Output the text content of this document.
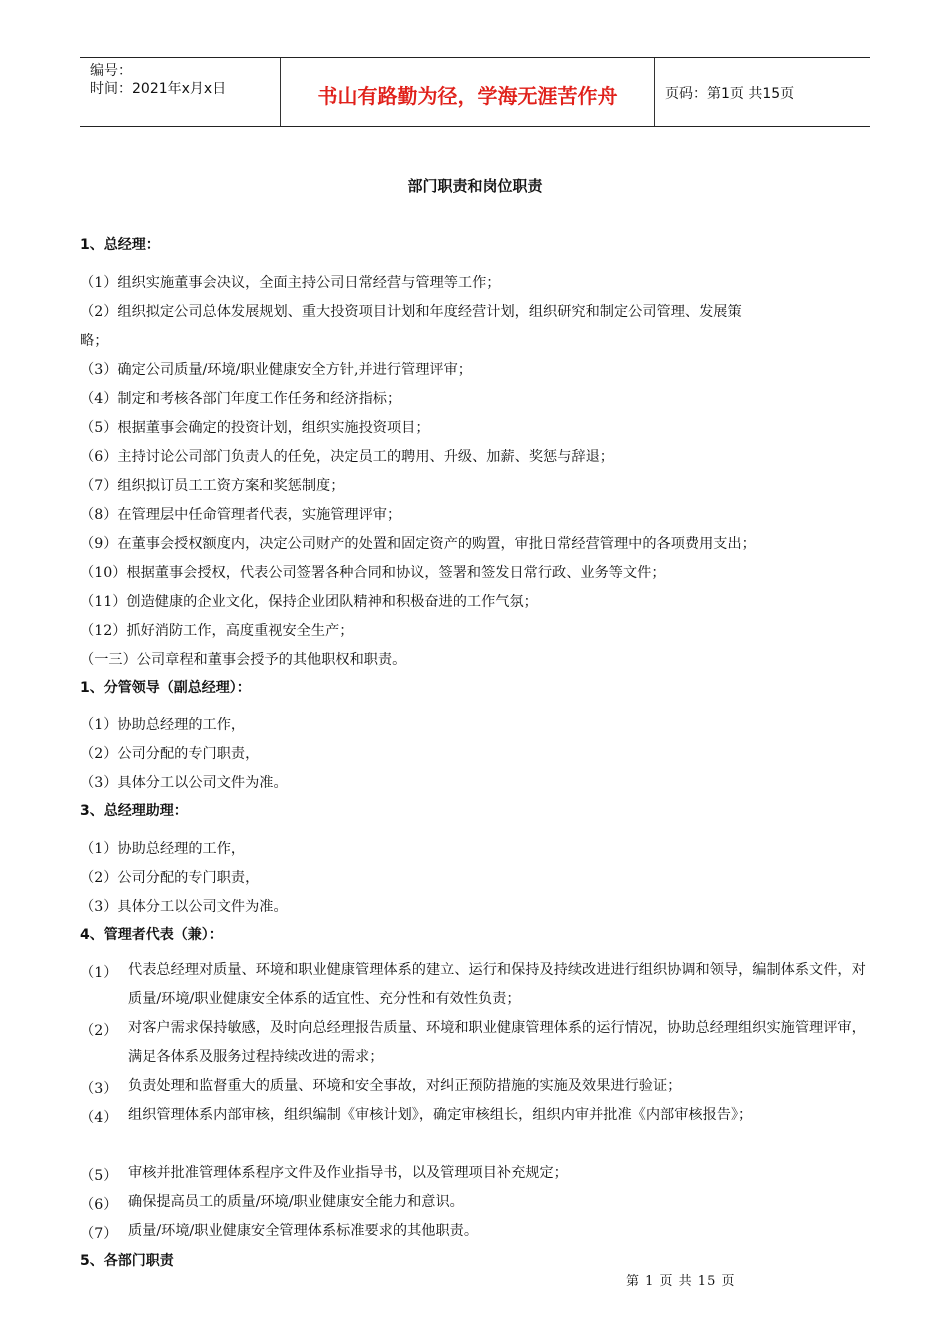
编号：
时间：2021年x月x日	书山有路勤为径，学海无涯苦作舟	页码：第1页 共15页
部门职责和岗位职责
1、总经理：
（1）组织实施董事会决议，全面主持公司日常经营与管理等工作；
（2）组织拟定公司总体发展规划、重大投资项目计划和年度经营计划，组织研究和制定公司管理、发展策
略；
（3）确定公司质量/环境/职业健康安全方针,并进行管理评审；
（4）制定和考核各部门年度工作任务和经济指标；
（5）根据董事会确定的投资计划，组织实施投资项目；
（6）主持讨论公司部门负责人的任免，决定员工的聘用、升级、加薪、奖惩与辞退；
（7）组织拟订员工工资方案和奖惩制度；
（8）在管理层中任命管理者代表，实施管理评审；
（9）在董事会授权额度内，决定公司财产的处置和固定资产的购置，审批日常经营管理中的各项费用支出；
（10）根据董事会授权，代表公司签署各种合同和协议，签署和签发日常行政、业务等文件；
（11）创造健康的企业文化，保持企业团队精神和积极奋进的工作气氛；
（12）抓好消防工作，高度重视安全生产；
（一三）公司章程和董事会授予的其他职权和职责。
1、分管领导（副总经理）：
（1）协助总经理的工作，
（2）公司分配的专门职责，
（3）具体分工以公司文件为准。
3、总经理助理：
（1）协助总经理的工作，
（2）公司分配的专门职责，
（3）具体分工以公司文件为准。
4、管理者代表（兼）：
（1） 代表总经理对质量、环境和职业健康管理体系的建立、运行和保持及持续改进进行组织协调和领导，编制体系文件，对质量/环境/职业健康安全体系的适宜性、充分性和有效性负责；
（2） 对客户需求保持敏感，及时向总经理报告质量、环境和职业健康管理体系的运行情况，协助总经理组织实施管理评审，满足各体系及服务过程持续改进的需求；
（3） 负责处理和监督重大的质量、环境和安全事故，对纠正预防措施的实施及效果进行验证；
（4） 组织管理体系内部审核，组织编制《审核计划》，确定审核组长，组织内审并批准《内部审核报告》；
（5） 审核并批准管理体系程序文件及作业指导书，以及管理项目补充规定；
（6） 确保提高员工的质量/环境/职业健康安全能力和意识。
（7） 质量/环境/职业健康安全管理体系标准要求的其他职责。
5、各部门职责
第 1 页 共 15 页
